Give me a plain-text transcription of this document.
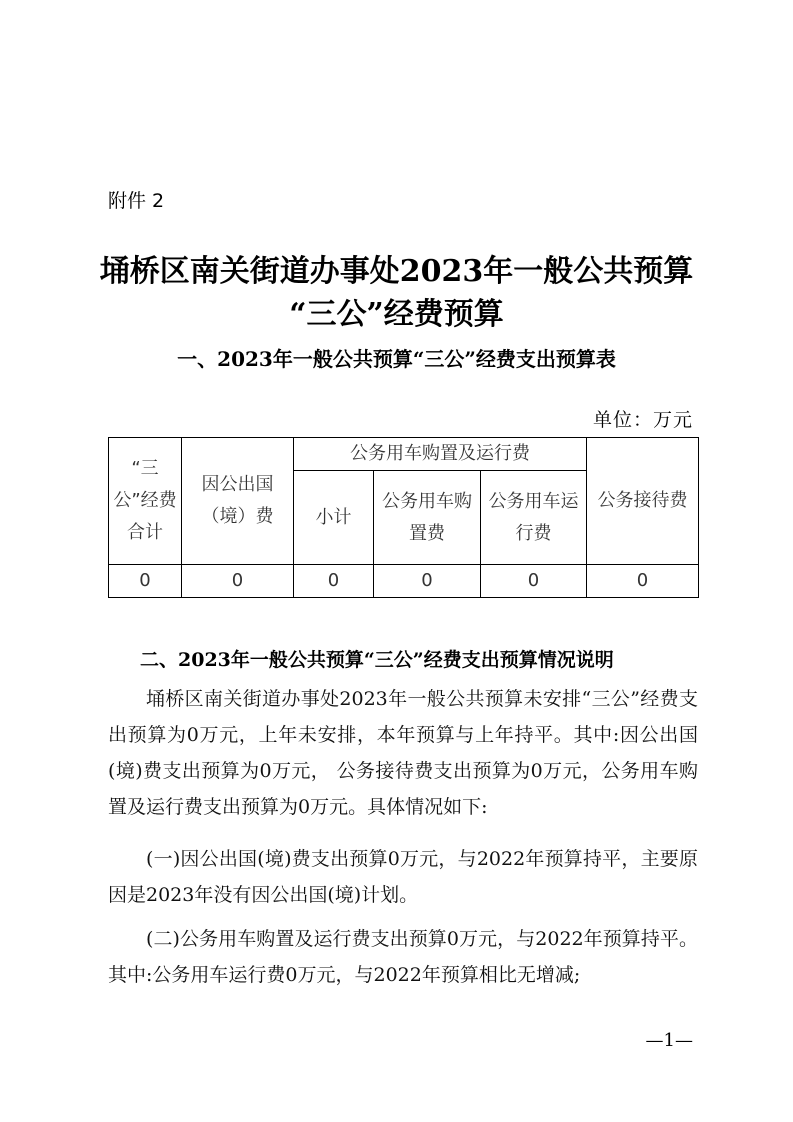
附件 2
埇桥区南关街道办事处2023年一般公共预算
“三公”经费预算
一、2023年一般公共预算“三公”经费支出预算表
单位：万元
“三公”经费合计	因公出国（境）费	公务用车购置及运行费			公务接待费
		小计	公务用车购置费	公务用车运行费	
0	0	0	0	0	0
二、2023年一般公共预算“三公”经费支出预算情况说明
埇桥区南关街道办事处2023年一般公共预算未安排“三公”经费支出预算为0万元，上年未安排，本年预算与上年持平。其中:因公出国(境)费支出预算为0万元， 公务接待费支出预算为0万元，公务用车购置及运行费支出预算为0万元。具体情况如下:
(一)因公出国(境)费支出预算0万元，与2022年预算持平，主要原因是2023年没有因公出国(境)计划。
(二)公务用车购置及运行费支出预算0万元，与2022年预算持平。其中:公务用车运行费0万元，与2022年预算相比无增减;
—1—
